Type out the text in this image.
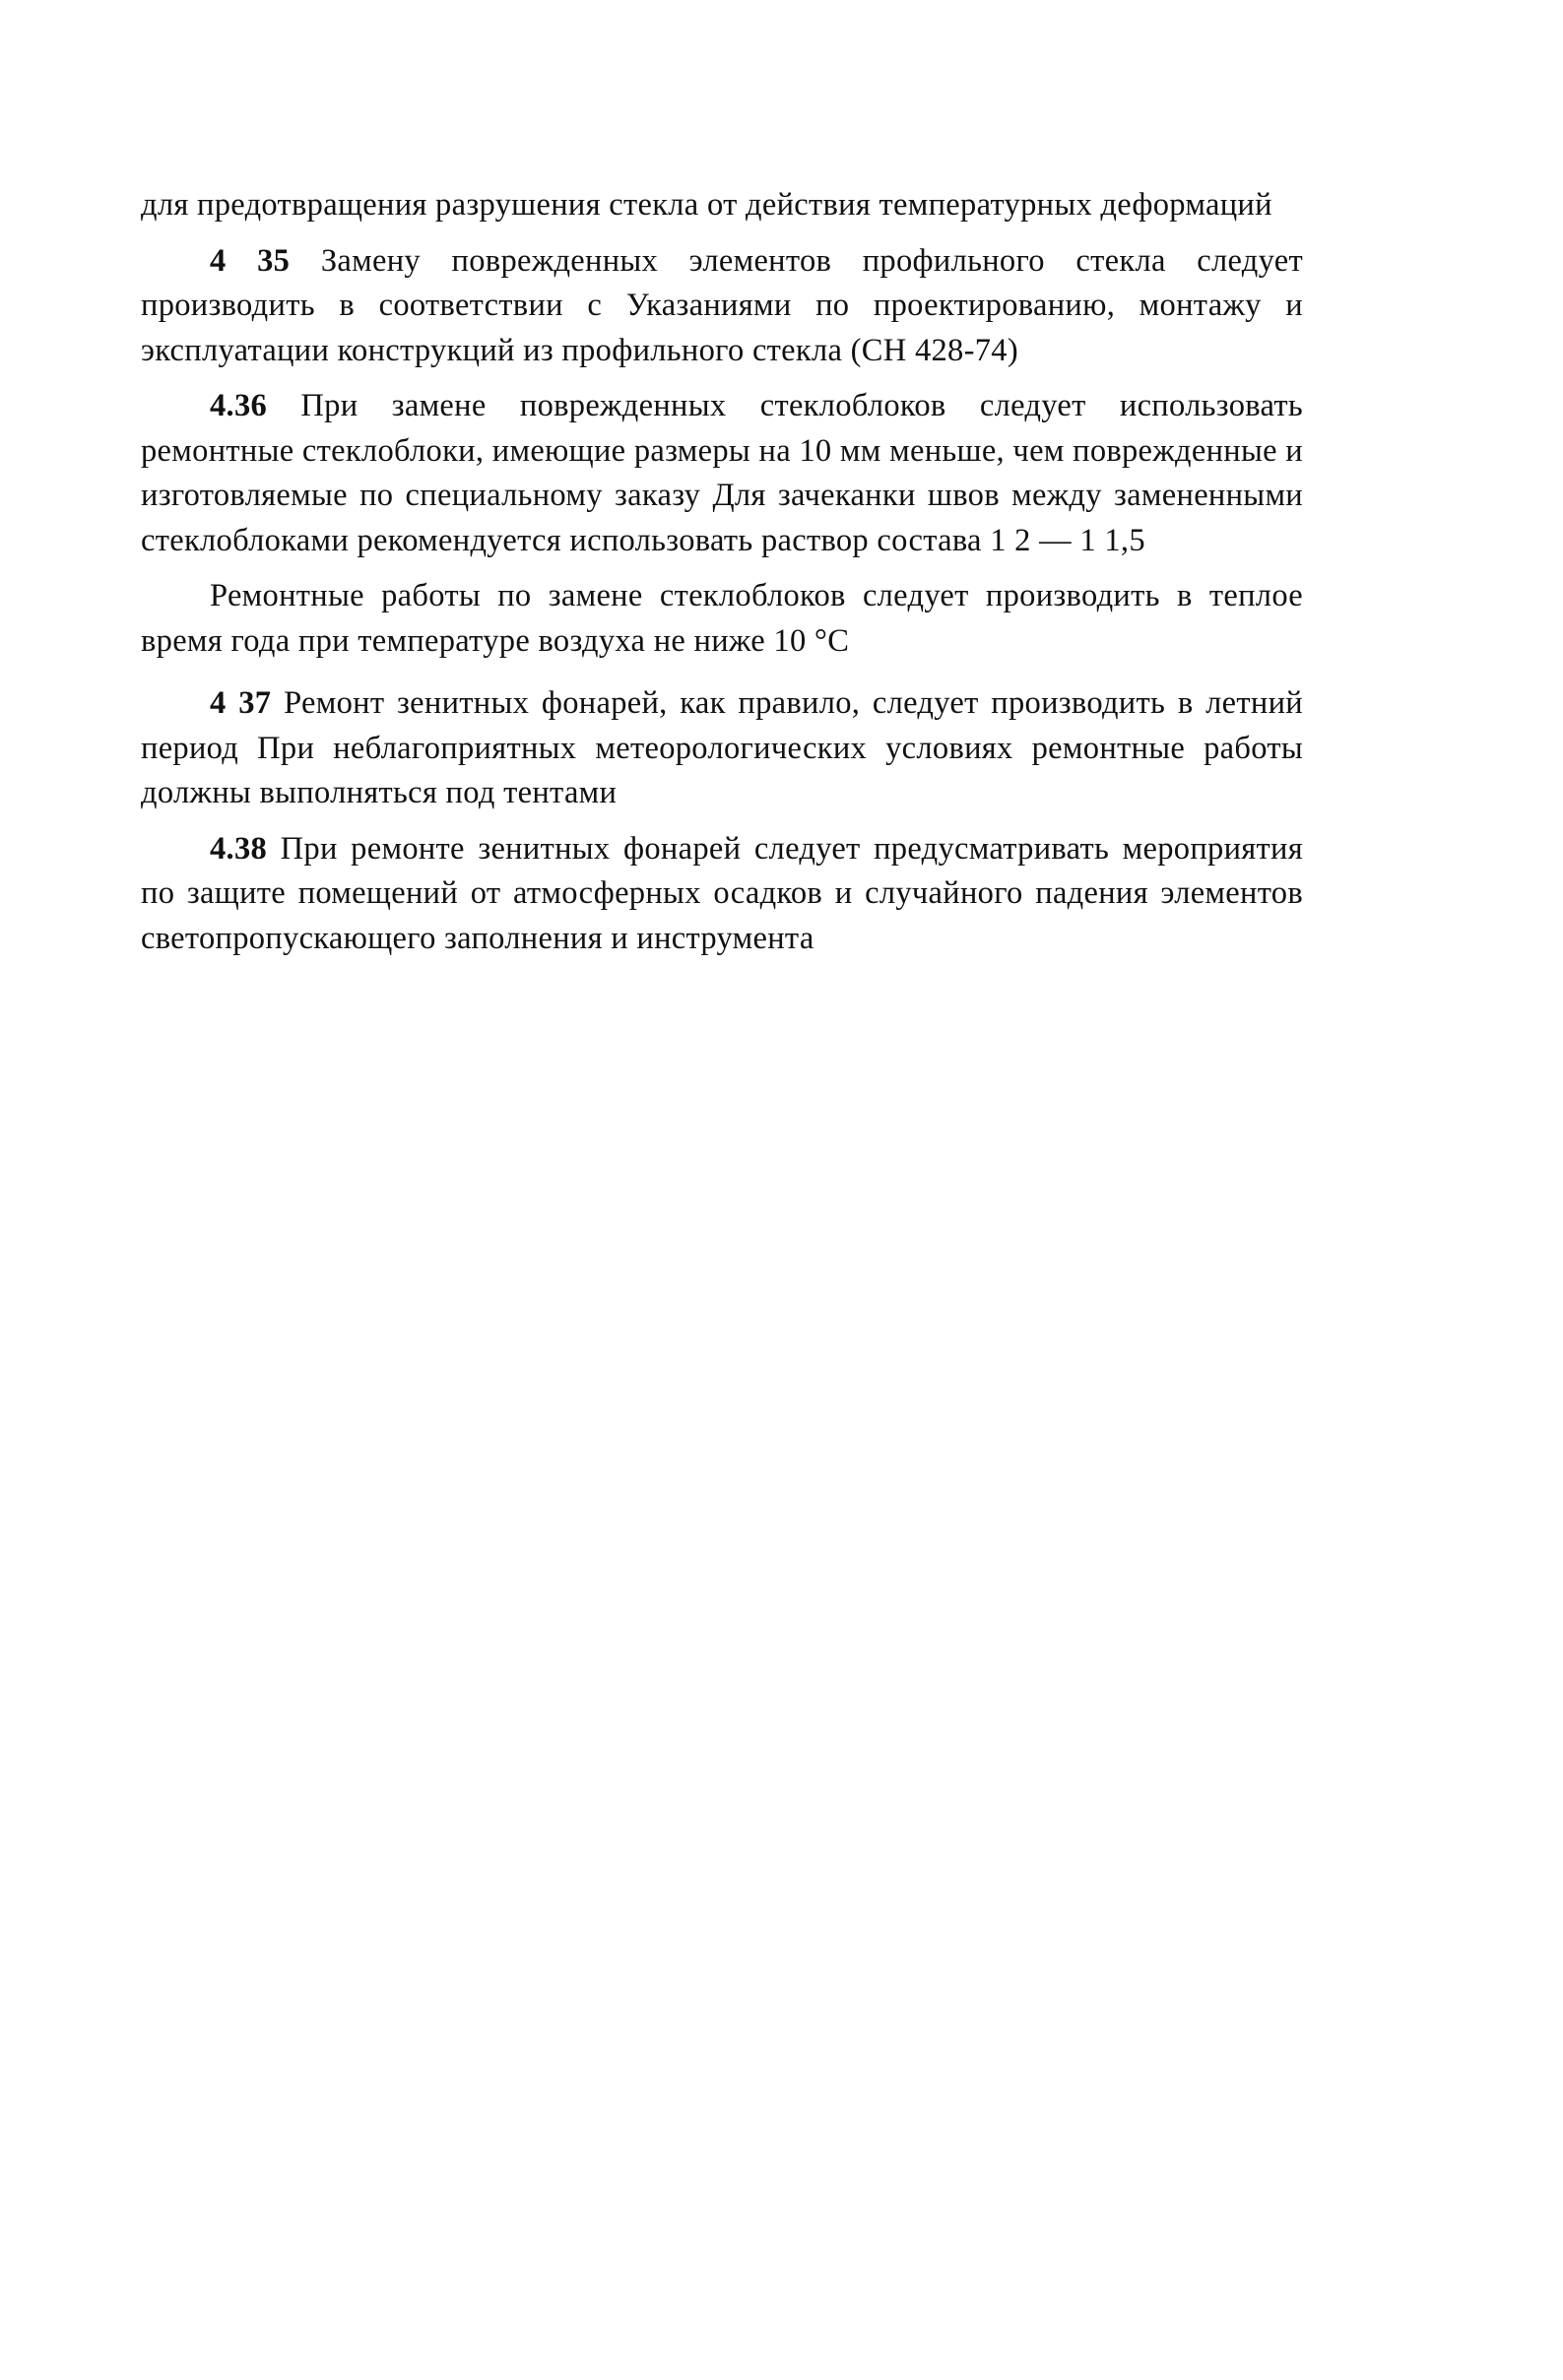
для предотвращения разрушения стекла от действия температурных деформаций

4 35 Замену поврежденных элементов профильного стекла следует производить в соответствии с Указаниями по проектированию, монтажу и эксплуатации конструкций из профильного стекла (СН 428-74)

4.36 При замене поврежденных стеклоблоков следует использовать ремонтные стеклоблоки, имеющие размеры на 10 мм меньше, чем поврежденные и изготовляемые по специальному заказу Для зачеканки швов между замененными стеклоблоками рекомендуется использовать раствор состава 1 2 — 1 1,5

Ремонтные работы по замене стеклоблоков следует производить в теплое время года при температуре воздуха не ниже 10 °С

4 37 Ремонт зенитных фонарей, как правило, следует производить в летний период При неблагоприятных метеорологических условиях ремонтные работы должны выполняться под тентами

4.38 При ремонте зенитных фонарей следует предусматривать мероприятия по защите помещений от атмосферных осадков и случайного падения элементов светопропускающего заполнения и инструмента
